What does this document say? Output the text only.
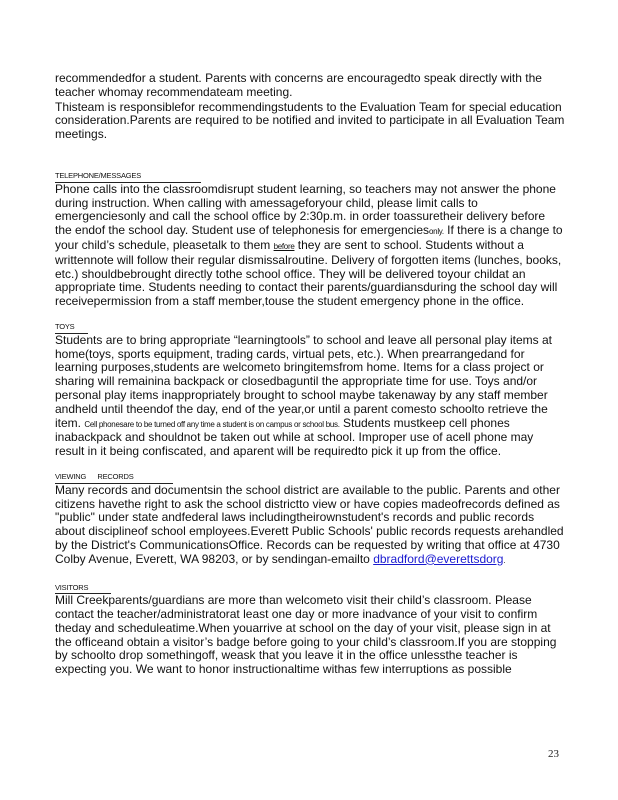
recommendedfor a student. Parents with concerns are encouragedto speak directly with the teacher whomay recommendateam meeting.

Thisteam is responsiblefor recommendingstudents to the Evaluation Team for special education consideration.Parents are required to be notified and invited to participate in all Evaluation Team meetings.

TELEPHONE/MESSAGES

Phone calls into the classroomdisrupt student learning, so teachers may not answer the phone during instruction. When calling with amessageforyour child, please limit calls to emergenciesonly and call the school office by 2:30p.m. in order toassuretheir delivery before the endof the school day. Student use of telephonesis for emergenciesonly. If there is a change to your child’s schedule, pleasetalk to them before they are sent to school. Students without a writtennote will follow their regular dismissalroutine. Delivery of forgotten items (lunches, books, etc.) shouldbebrought directly tothe school office. They will be delivered toyour childat an appropriate time. Students needing to contact their parents/guardiansduring the school day will receivepermission from a staff member,touse the student emergency phone in the office.

TOYS

Students are to bring appropriate “learningtools” to school and leave all personal play items at home(toys, sports equipment, trading cards, virtual pets, etc.). When prearrangedand for learning purposes,students are welcometo bringitemsfrom home. Items for a class project or sharing will remainina backpack or closedbaguntil the appropriate time for use. Toys and/or personal play items inappropriately brought to school maybe takenaway by any staff member andheld until theendof the day, end of the year,or until a parent comesto schoolto retrieve the item. Cell phonesare to be turned off any time a student is on campus or school bus. Students mustkeep cell phones inabackpack and shouldnot be taken out while at school. Improper use of acell phone may result in it being confiscated, and aparent will be requiredto pick it up from the office.

VIEWING      RECORDS

Many records and documentsin the school district are available to the public. Parents and other citizens havethe right to ask the school districtto view or have copies madeofrecords defined as "public" under state andfederal laws includingtheirownstudent's records and public records about disciplineof school employees.Everett Public Schools' public records requests arehandled by the District's CommunicationsOffice. Records can be requested by writing that office at 4730 Colby Avenue, Everett, WA 98203, or by sendingan-emailto dbradford@everettsdorg.

VISITORS

Mill Creekparents/guardians are more than welcometo visit their child’s classroom. Please contact the teacher/administratorat least one day or more inadvance of your visit to confirm theday and scheduleatime.When youarrive at school on the day of your visit, please sign in at the officeand obtain a visitor’s badge before going to your child’s classroom.If you are stopping by schoolto drop somethingoff, weask that you leave it in the office unlessthe teacher is expecting you. We want to honor instructionaltime withas few interruptions as possible

23
